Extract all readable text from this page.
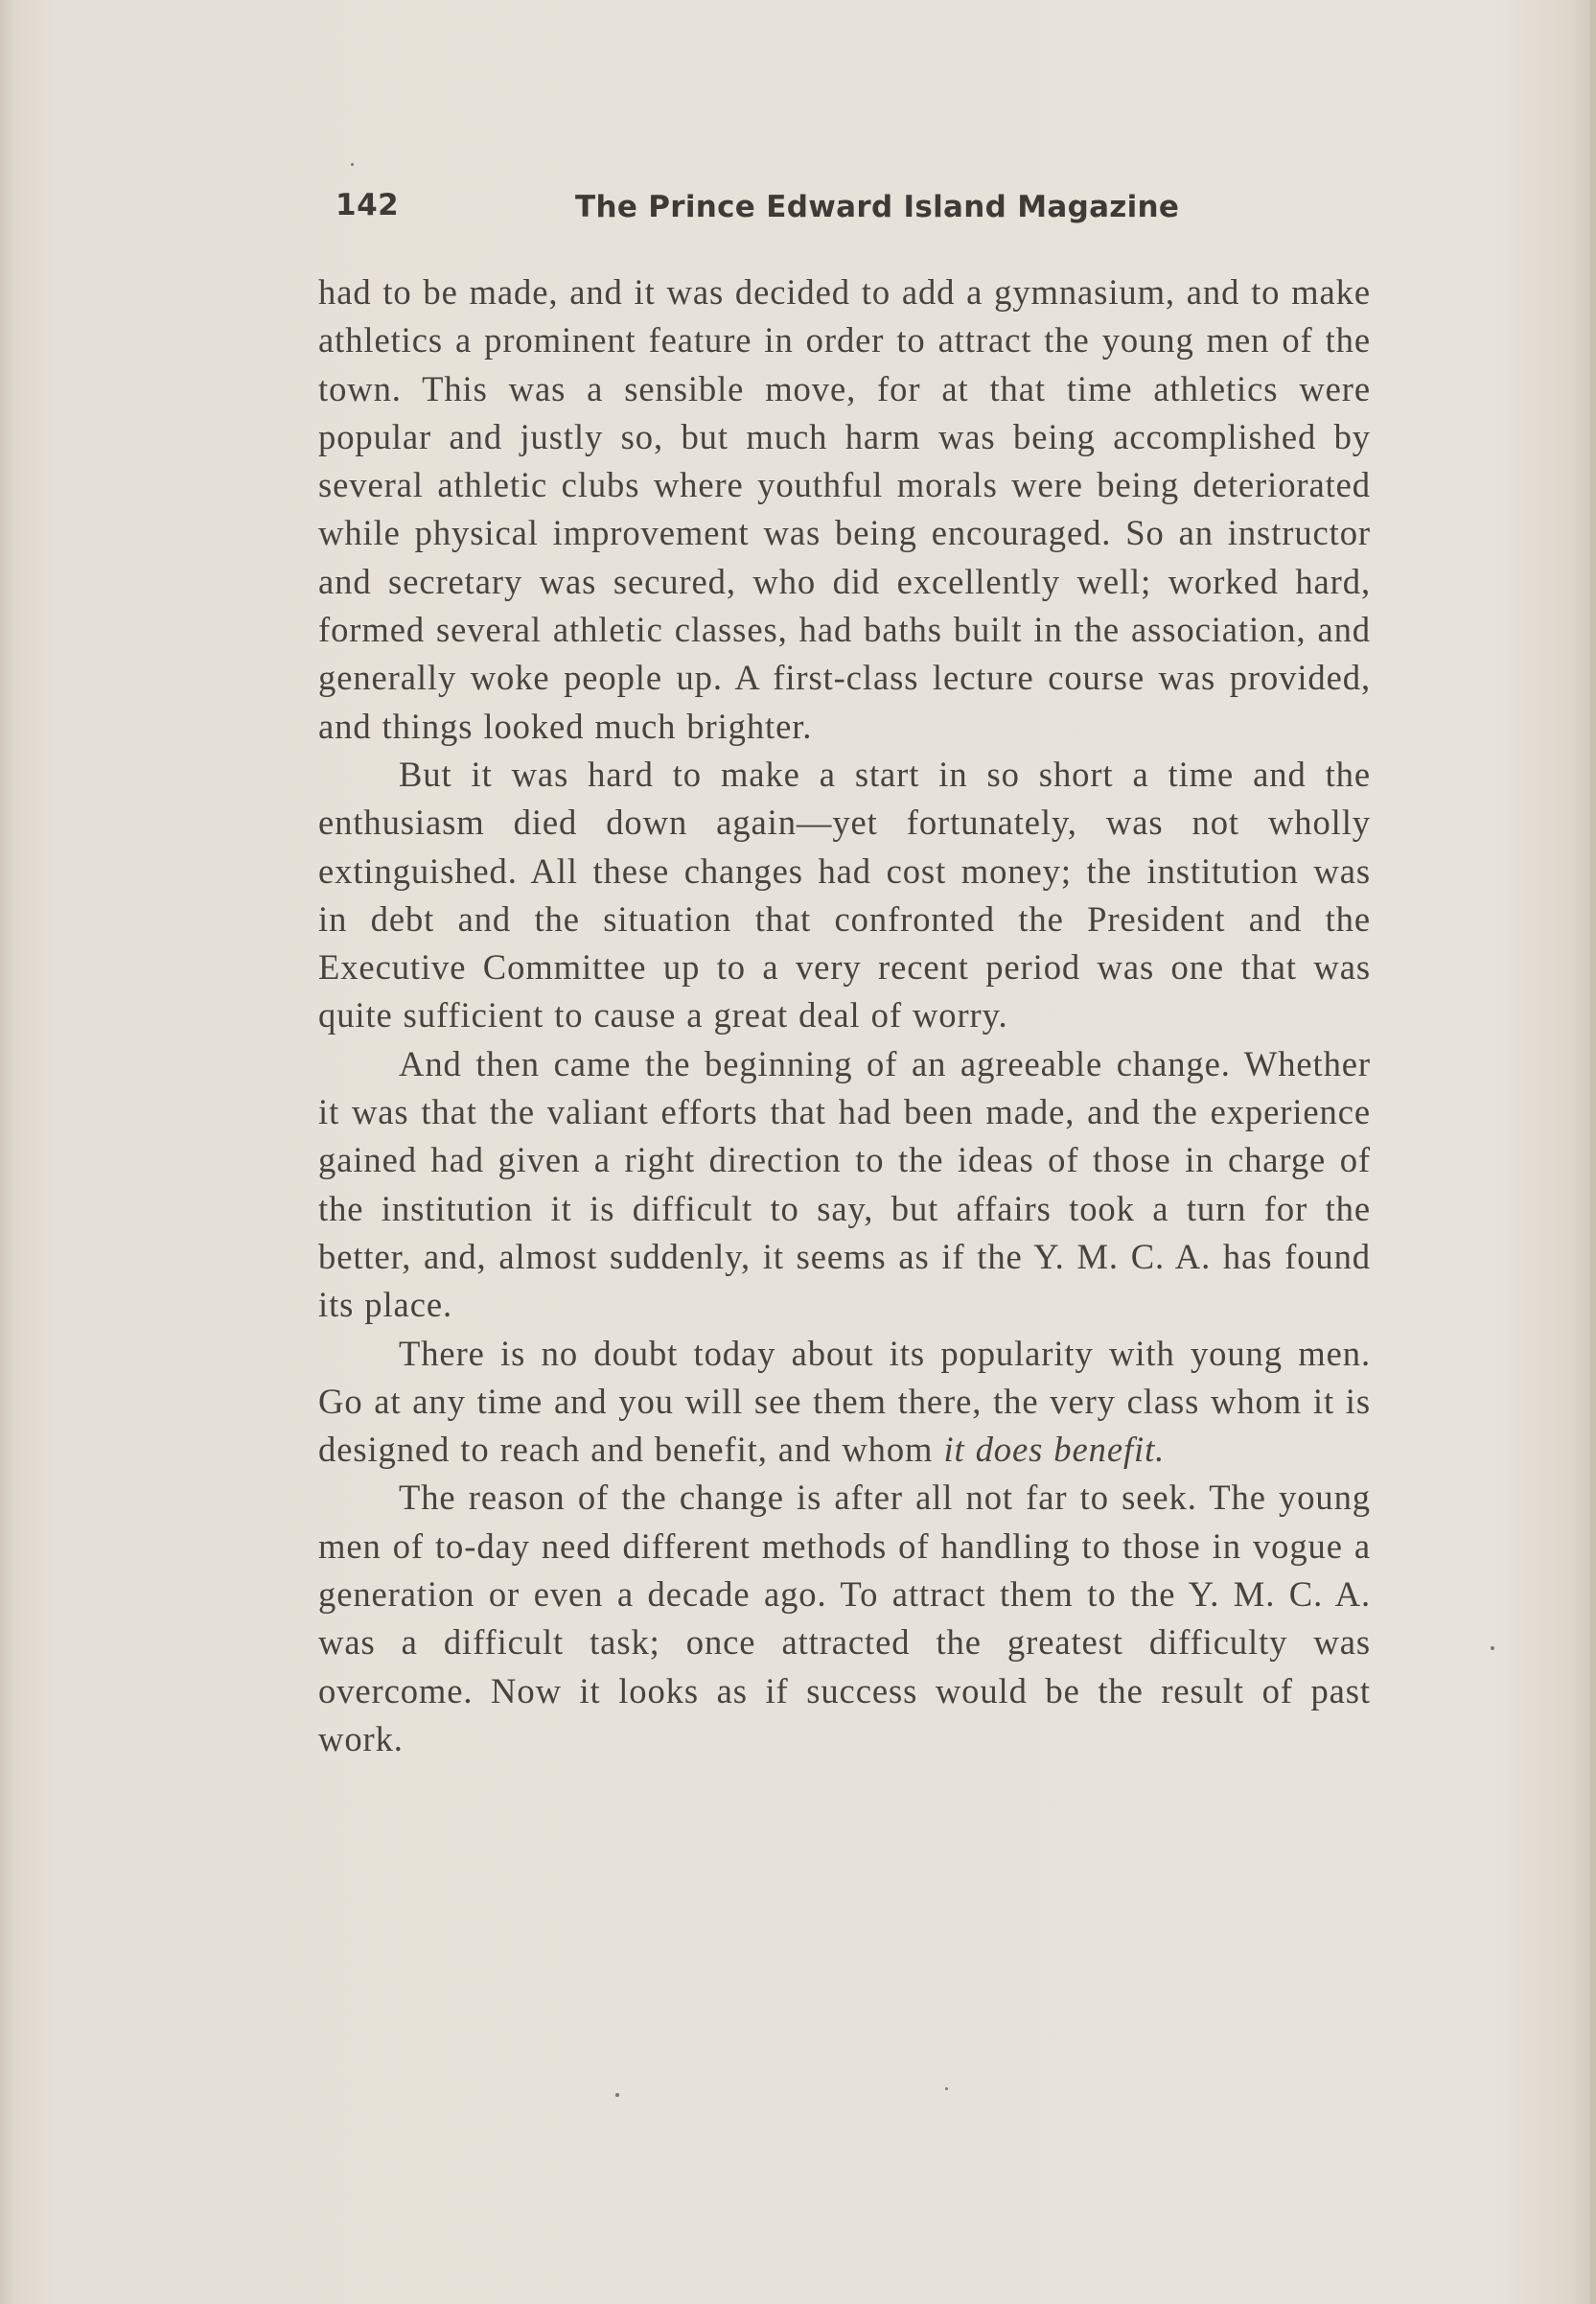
142	The Prince Edward Island Magazine

had to be made, and it was decided to add a gymnasium, and to make athletics a prominent feature in order to attract the young men of the town. This was a sensible move, for at that time athletics were popular and justly so, but much harm was being accomplished by several athletic clubs where youthful morals were being deteriorated while physical improvement was being encouraged. So an instructor and secretary was secured, who did excellently well; worked hard, formed several athletic classes, had baths built in the association, and generally woke people up. A first-class lecture course was provided, and things looked much brighter.

But it was hard to make a start in so short a time and the enthusiasm died down again—yet fortunately, was not wholly extinguished. All these changes had cost money; the institution was in debt and the situation that confronted the President and the Executive Committee up to a very recent period was one that was quite sufficient to cause a great deal of worry.

And then came the beginning of an agreeable change. Whether it was that the valiant efforts that had been made, and the experience gained had given a right direction to the ideas of those in charge of the institution it is difficult to say, but affairs took a turn for the better, and, almost suddenly, it seems as if the Y. M. C. A. has found its place.

There is no doubt today about its popularity with young men. Go at any time and you will see them there, the very class whom it is designed to reach and benefit, and whom it does benefit.

The reason of the change is after all not far to seek. The young men of to-day need different methods of handling to those in vogue a generation or even a decade ago. To attract them to the Y. M. C. A. was a difficult task; once attracted the greatest difficulty was overcome. Now it looks as if success would be the result of past work.
